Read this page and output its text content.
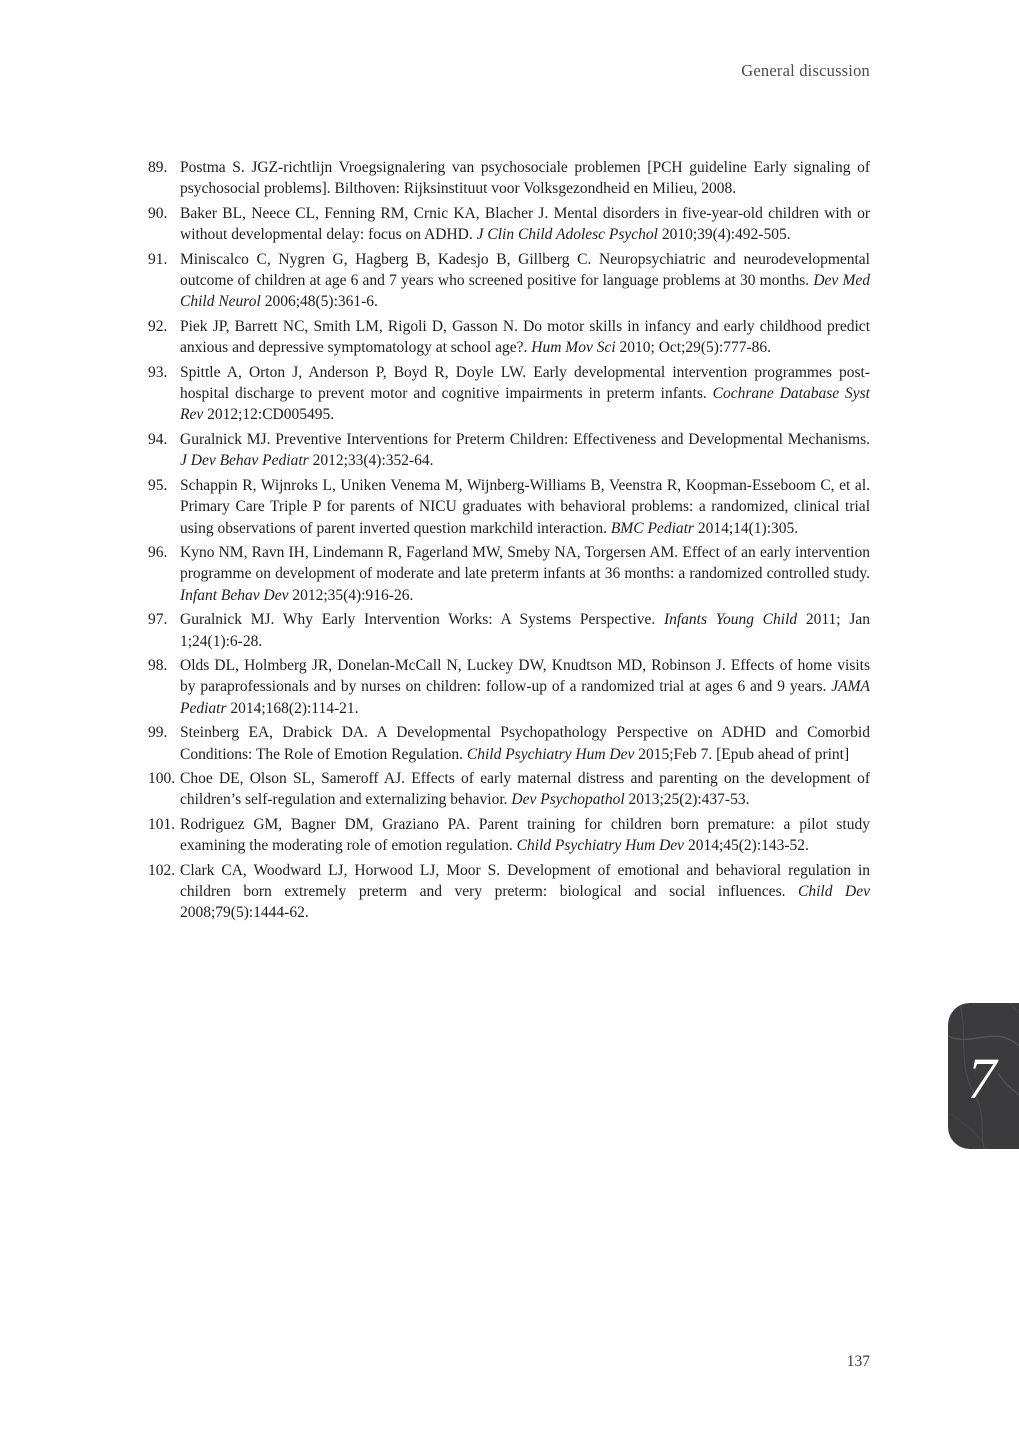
General discussion
89. Postma S. JGZ-richtlijn Vroegsignalering van psychosociale problemen [PCH guideline Early signaling of psychosocial problems]. Bilthoven: Rijksinstituut voor Volksgezondheid en Milieu, 2008.
90. Baker BL, Neece CL, Fenning RM, Crnic KA, Blacher J. Mental disorders in five-year-old children with or without developmental delay: focus on ADHD. J Clin Child Adolesc Psychol 2010;39(4):492-505.
91. Miniscalco C, Nygren G, Hagberg B, Kadesjo B, Gillberg C. Neuropsychiatric and neurodevelopmental outcome of children at age 6 and 7 years who screened positive for language problems at 30 months. Dev Med Child Neurol 2006;48(5):361-6.
92. Piek JP, Barrett NC, Smith LM, Rigoli D, Gasson N. Do motor skills in infancy and early childhood predict anxious and depressive symptomatology at school age?. Hum Mov Sci 2010; Oct;29(5):777-86.
93. Spittle A, Orton J, Anderson P, Boyd R, Doyle LW. Early developmental intervention programmes post-hospital discharge to prevent motor and cognitive impairments in preterm infants. Cochrane Database Syst Rev 2012;12:CD005495.
94. Guralnick MJ. Preventive Interventions for Preterm Children: Effectiveness and Developmental Mechanisms. J Dev Behav Pediatr 2012;33(4):352-64.
95. Schappin R, Wijnroks L, Uniken Venema M, Wijnberg-Williams B, Veenstra R, Koopman-Esseboom C, et al. Primary Care Triple P for parents of NICU graduates with behavioral problems: a randomized, clinical trial using observations of parent inverted question markchild interaction. BMC Pediatr 2014;14(1):305.
96. Kyno NM, Ravn IH, Lindemann R, Fagerland MW, Smeby NA, Torgersen AM. Effect of an early intervention programme on development of moderate and late preterm infants at 36 months: a randomized controlled study. Infant Behav Dev 2012;35(4):916-26.
97. Guralnick MJ. Why Early Intervention Works: A Systems Perspective. Infants Young Child 2011; Jan 1;24(1):6-28.
98. Olds DL, Holmberg JR, Donelan-McCall N, Luckey DW, Knudtson MD, Robinson J. Effects of home visits by paraprofessionals and by nurses on children: follow-up of a randomized trial at ages 6 and 9 years. JAMA Pediatr 2014;168(2):114-21.
99. Steinberg EA, Drabick DA. A Developmental Psychopathology Perspective on ADHD and Comorbid Conditions: The Role of Emotion Regulation. Child Psychiatry Hum Dev 2015;Feb 7. [Epub ahead of print]
100. Choe DE, Olson SL, Sameroff AJ. Effects of early maternal distress and parenting on the development of children’s self-regulation and externalizing behavior. Dev Psychopathol 2013;25(2):437-53.
101. Rodriguez GM, Bagner DM, Graziano PA. Parent training for children born premature: a pilot study examining the moderating role of emotion regulation. Child Psychiatry Hum Dev 2014;45(2):143-52.
102. Clark CA, Woodward LJ, Horwood LJ, Moor S. Development of emotional and behavioral regulation in children born extremely preterm and very preterm: biological and social influences. Child Dev 2008;79(5):1444-62.
7
137
